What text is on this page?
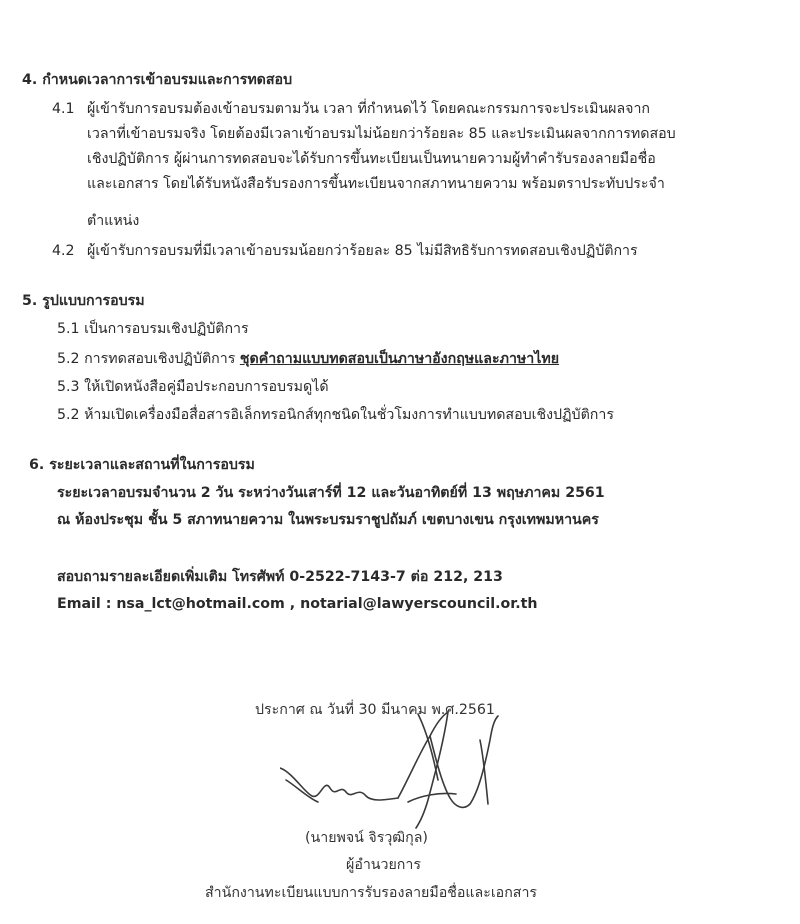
4. กำหนดเวลาการเข้าอบรมและการทดสอบ
4.1 ผู้เข้ารับการอบรมต้องเข้าอบรมตามวัน เวลา ที่กำหนดไว้ โดยคณะกรรมการจะประเมินผลจาก
เวลาที่เข้าอบรมจริง โดยต้องมีเวลาเข้าอบรมไม่น้อยกว่าร้อยละ 85 และประเมินผลจากการทดสอบ
เชิงปฏิบัติการ ผู้ผ่านการทดสอบจะได้รับการขึ้นทะเบียนเป็นทนายความผู้ทำคำรับรองลายมือชื่อ
และเอกสาร โดยได้รับหนังสือรับรองการขึ้นทะเบียนจากสภาทนายความ พร้อมตราประทับประจำ
ตำแหน่ง
4.2 ผู้เข้ารับการอบรมที่มีเวลาเข้าอบรมน้อยกว่าร้อยละ 85 ไม่มีสิทธิรับการทดสอบเชิงปฏิบัติการ
5. รูปแบบการอบรม
5.1 เป็นการอบรมเชิงปฏิบัติการ
5.2 การทดสอบเชิงปฏิบัติการ ชุดคำถามแบบทดสอบเป็นภาษาอังกฤษและภาษาไทย
5.3 ให้เปิดหนังสือคู่มือประกอบการอบรมดูได้
5.2 ห้ามเปิดเครื่องมือสื่อสารอิเล็กทรอนิกส์ทุกชนิดในชั่วโมงการทำแบบทดสอบเชิงปฏิบัติการ
6. ระยะเวลาและสถานที่ในการอบรม
ระยะเวลาอบรมจำนวน 2 วัน ระหว่างวันเสาร์ที่ 12 และวันอาทิตย์ที่ 13 พฤษภาคม 2561
ณ ห้องประชุม ชั้น 5 สภาทนายความ ในพระบรมราชูปถัมภ์ เขตบางเขน กรุงเทพมหานคร
สอบถามรายละเอียดเพิ่มเติม โทรศัพท์ 0-2522-7143-7 ต่อ 212, 213
Email : nsa_lct@hotmail.com , notarial@lawyerscouncil.or.th
ประกาศ ณ วันที่ 30 มีนาคม พ.ศ.2561
(นายพจน์ จิรวุฒิกุล)
ผู้อำนวยการ
สำนักงานทะเบียนแบบการรับรองลายมือชื่อและเอกสาร
